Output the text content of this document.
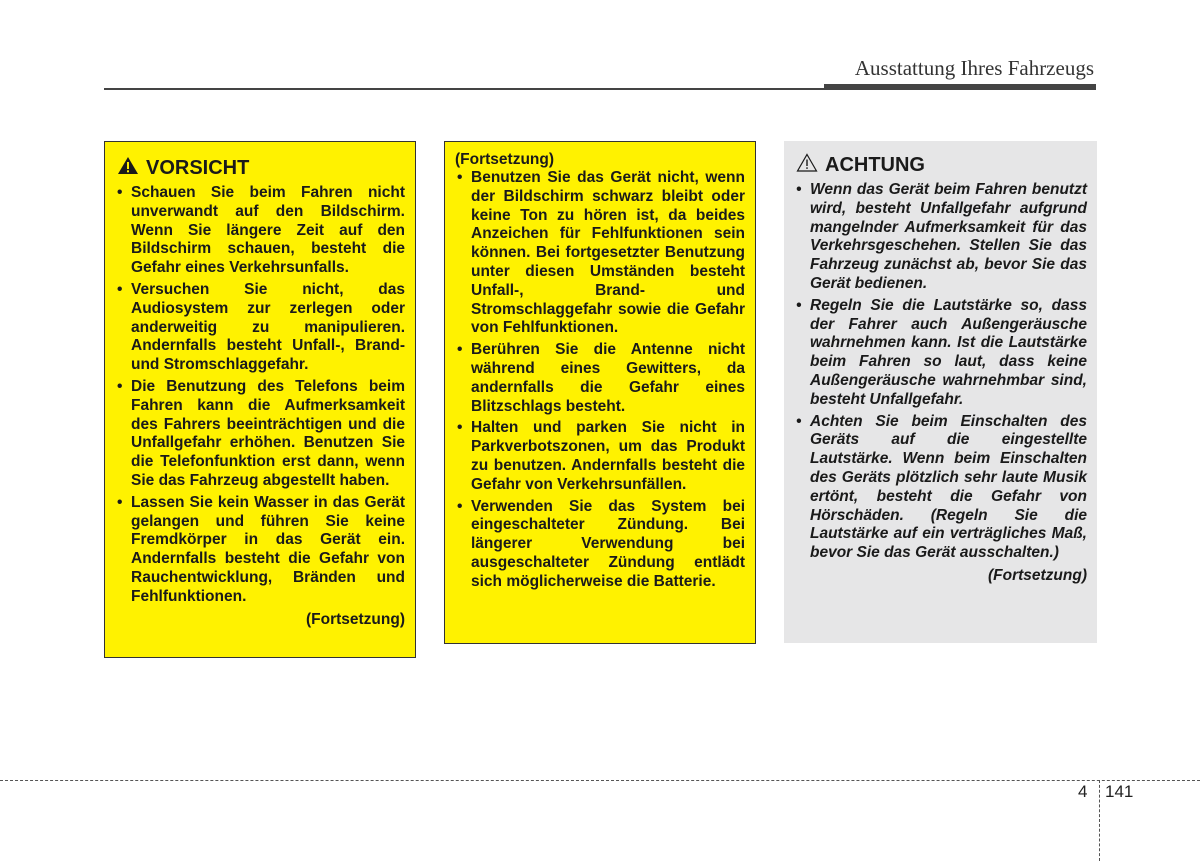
Ausstattung Ihres Fahrzeugs
VORSICHT
• Schauen Sie beim Fahren nicht unverwandt auf den Bildschirm. Wenn Sie längere Zeit auf den Bildschirm schauen, besteht die Gefahr eines Verkehrsunfalls.
• Versuchen Sie nicht, das Audiosystem zur zerlegen oder anderweitig zu manipulieren. Andernfalls besteht Unfall-, Brand- und Stromschlaggefahr.
• Die Benutzung des Telefons beim Fahren kann die Aufmerksamkeit des Fahrers beeinträchtigen und die Unfallgefahr erhöhen. Benutzen Sie die Telefonfunktion erst dann, wenn Sie das Fahrzeug abgestellt haben.
• Lassen Sie kein Wasser in das Gerät gelangen und führen Sie keine Fremdkörper in das Gerät ein. Andernfalls besteht die Gefahr von Rauchentwicklung, Bränden und Fehlfunktionen.
(Fortsetzung)
(Fortsetzung)
• Benutzen Sie das Gerät nicht, wenn der Bildschirm schwarz bleibt oder keine Ton zu hören ist, da beides Anzeichen für Fehlfunktionen sein können. Bei fortgesetzter Benutzung unter diesen Umständen besteht Unfall-, Brand- und Stromschlaggefahr sowie die Gefahr von Fehlfunktionen.
• Berühren Sie die Antenne nicht während eines Gewitters, da andernfalls die Gefahr eines Blitzschlags besteht.
• Halten und parken Sie nicht in Parkverbotszonen, um das Produkt zu benutzen. Andernfalls besteht die Gefahr von Verkehrsunfällen.
• Verwenden Sie das System bei eingeschalteter Zündung. Bei längerer Verwendung bei ausgeschalteter Zündung entlädt sich möglicherweise die Batterie.
ACHTUNG
• Wenn das Gerät beim Fahren benutzt wird, besteht Unfallgefahr aufgrund mangelnder Aufmerksamkeit für das Verkehrsgeschehen. Stellen Sie das Fahrzeug zunächst ab, bevor Sie das Gerät bedienen.
• Regeln Sie die Lautstärke so, dass der Fahrer auch Außengeräusche wahrnehmen kann. Ist die Lautstärke beim Fahren so laut, dass keine Außengeräusche wahrnehmbar sind, besteht Unfallgefahr.
• Achten Sie beim Einschalten des Geräts auf die eingestellte Lautstärke. Wenn beim Einschalten des Geräts plötzlich sehr laute Musik ertönt, besteht die Gefahr von Hörschäden. (Regeln Sie die Lautstärke auf ein verträgliches Maß, bevor Sie das Gerät ausschalten.)
(Fortsetzung)
4 141
